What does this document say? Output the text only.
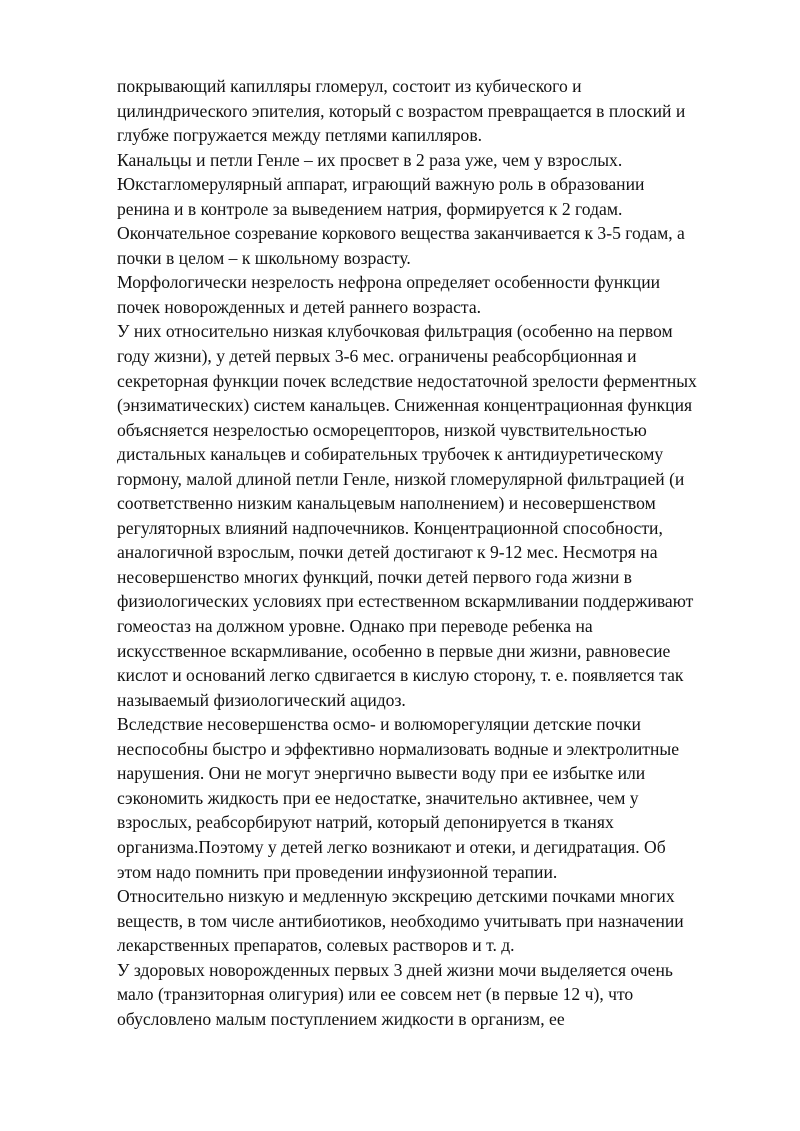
покрывающий капилляры гломерул, состоит из кубического и
цилиндрического эпителия, который с возрастом превращается в плоский и
глубже погружается между петлями капилляров.
Канальцы и петли Генле – их просвет в 2 раза уже, чем у взрослых.
Юкстагломерулярный аппарат, играющий важную роль в образовании
ренина и в контроле за выведением натрия, формируется к 2 годам.
Окончательное созревание коркового вещества заканчивается к 3-5 годам, а
почки в целом – к школьному возрасту.
Морфологически незрелость нефрона определяет особенности функции
почек новорожденных и детей раннего возраста.
У них относительно низкая клубочковая фильтрация (особенно на первом
году жизни), у детей первых 3-6 мес. ограничены реабсорбционная и
секреторная функции почек вследствие недостаточной зрелости ферментных
(энзиматических) систем канальцев. Сниженная концентрационная функция
объясняется незрелостью осморецепторов, низкой чувствительностью
дистальных канальцев и собирательных трубочек к антидиуретическому
гормону, малой длиной петли Генле, низкой гломерулярной фильтрацией (и
соответственно низким канальцевым наполнением) и несовершенством
регуляторных влияний надпочечников. Концентрационной способности,
аналогичной взрослым, почки детей достигают к 9-12 мес. Несмотря на
несовершенство многих функций, почки детей первого года жизни в
физиологических условиях при естественном вскармливании поддерживают
гомеостаз на должном уровне. Однако при переводе ребенка на
искусственное вскармливание, особенно в первые дни жизни, равновесие
кислот и оснований легко сдвигается в кислую сторону, т. е. появляется так
называемый физиологический ацидоз.
Вследствие несовершенства осмо- и волюморегуляции детские почки
неспособны быстро и эффективно нормализовать водные и электролитные
нарушения. Они не могут энергично вывести воду при ее избытке или
сэкономить жидкость при ее недостатке, значительно активнее, чем у
взрослых, реабсорбируют натрий, который депонируется в тканях
организма.Поэтому у детей легко возникают и отеки, и дегидратация. Об
этом надо помнить при проведении инфузионной терапии.
Относительно низкую и медленную экскрецию детскими почками многих
веществ, в том числе антибиотиков, необходимо учитывать при назначении
лекарственных препаратов, солевых растворов и т. д.
У здоровых новорожденных первых 3 дней жизни мочи выделяется очень
мало (транзиторная олигурия) или ее совсем нет (в первые 12 ч), что
обусловлено малым поступлением жидкости в организм, ее
